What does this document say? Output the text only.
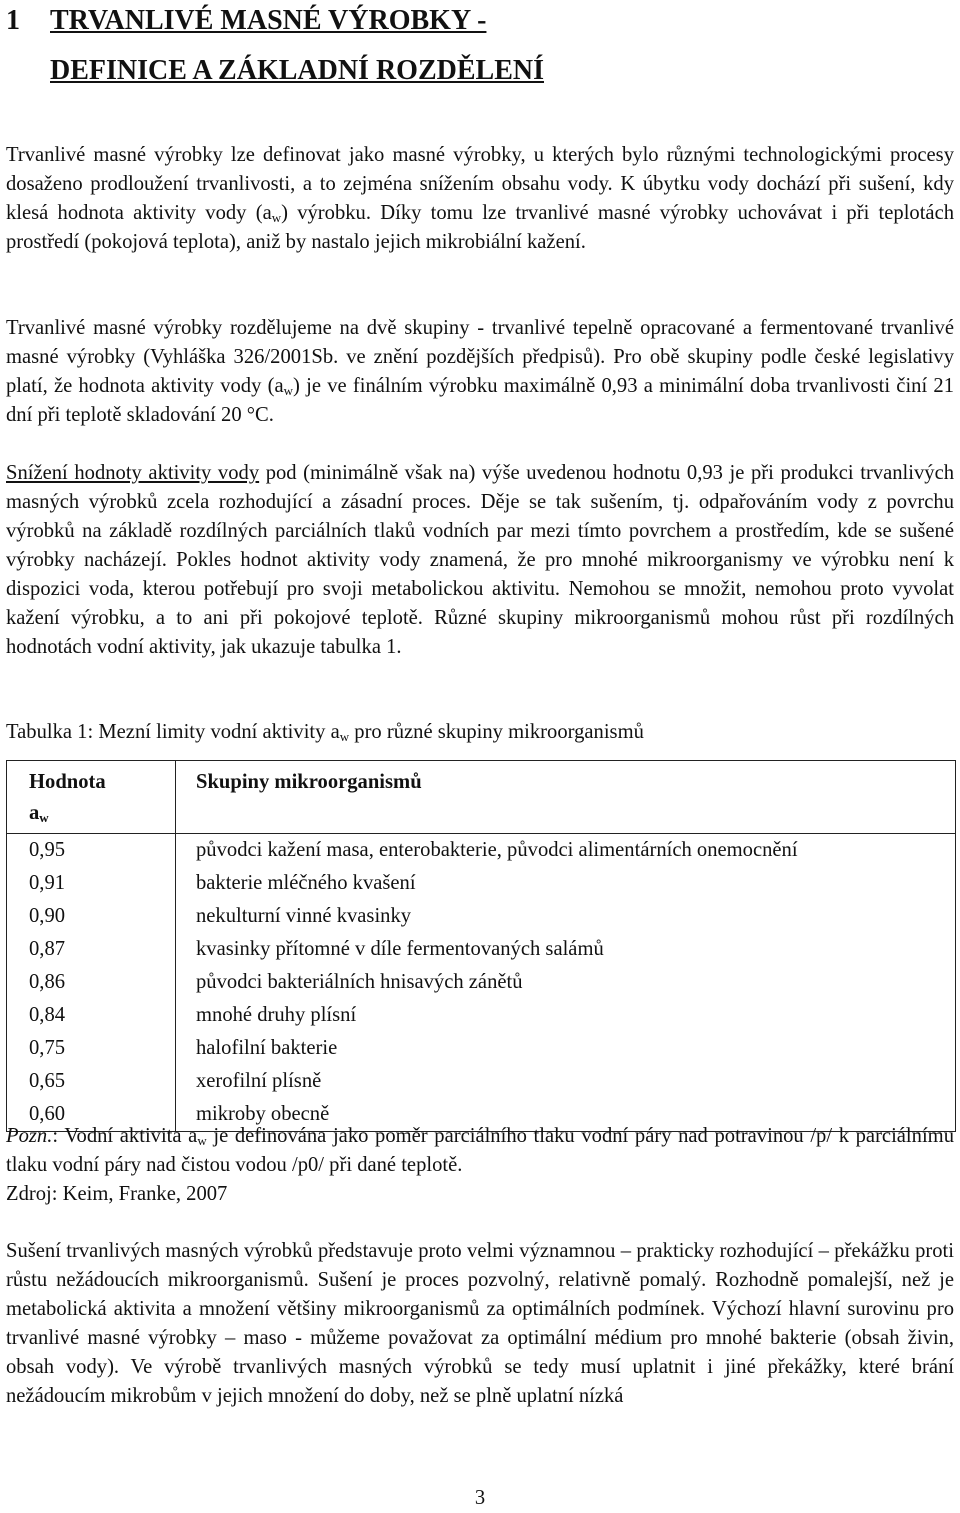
1 TRVANLIVÉ MASNÉ VÝROBKY -
DEFINICE A ZÁKLADNÍ ROZDĚLENÍ

Trvanlivé masné výrobky lze definovat jako masné výrobky, u kterých bylo různými technologickými procesy dosaženo prodloužení trvanlivosti, a to zejména snížením obsahu vody. K úbytku vody dochází při sušení, kdy klesá hodnota aktivity vody $(a_w)$ výrobku. Díky tomu lze trvanlivé masné výrobky uchovávat i při teplotách prostředí (pokojová teplota), aniž by nastalo jejich mikrobiální kažení.

Trvanlivé masné výrobky rozdělujeme na dvě skupiny - trvanlivé tepelně opracované a fermentované trvanlivé masné výrobky (Vyhláška 326/2001Sb. ve znění pozdějších předpisů). Pro obě skupiny podle české legislativy platí, že hodnota aktivity vody $(a_w)$ je ve finálním výrobku maximálně 0,93 a minimální doba trvanlivosti činí 21 dní při teplotě skladování 20 °C.

Snížení hodnoty aktivity vody pod (minimálně však na) výše uvedenou hodnotu 0,93 je při produkci trvanlivých masných výrobků zcela rozhodující a zásadní proces. Děje se tak sušením, tj. odpařováním vody z povrchu výrobků na základě rozdílných parciálních tlaků vodních par mezi tímto povrchem a prostředím, kde se sušené výrobky nacházejí. Pokles hodnot aktivity vody znamená, že pro mnohé mikroorganismy ve výrobku není k dispozici voda, kterou potřebují pro svoji metabolickou aktivitu. Nemohou se množit, nemohou proto vyvolat kažení výrobku, a to ani při pokojové teplotě. Různé skupiny mikroorganismů mohou růst při rozdílných hodnotách vodní aktivity, jak ukazuje tabulka 1.

Tabulka 1: Mezní limity vodní aktivity $a_w$ pro různé skupiny mikroorganismů

Hodnota
$a_w$	Skupiny mikroorganismů
0,95	původci kažení masa, enterobakterie, původci alimentárních onemocnění
0,91	bakterie mléčného kvašení
0,90	nekulturní vinné kvasinky
0,87	kvasinky přítomné v díle fermentovaných salámů
0,86	původci bakteriálních hnisavých zánětů
0,84	mnohé druhy plísní
0,75	halofilní bakterie
0,65	xerofilní plísně
0,60	mikroby obecně

Pozn.: Vodní aktivita $a_w$ je definována jako poměr parciálního tlaku vodní páry nad potravinou /p/ k parciálnímu tlaku vodní páry nad čistou vodou /p0/ při dané teplotě.

Zdroj: Keim, Franke, 2007

Sušení trvanlivých masných výrobků představuje proto velmi významnou – prakticky rozhodující – překážku proti růstu nežádoucích mikroorganismů. Sušení je proces pozvolný, relativně pomalý. Rozhodně pomalejší, než je metabolická aktivita a množení většiny mikroorganismů za optimálních podmínek. Výchozí hlavní surovinu pro trvanlivé masné výrobky – maso - můžeme považovat za optimální médium pro mnohé bakterie (obsah živin, obsah vody). Ve výrobě trvanlivých masných výrobků se tedy musí uplatnit i jiné překážky, které brání nežádoucím mikrobům v jejich množení do doby, než se plně uplatní nízká

3
